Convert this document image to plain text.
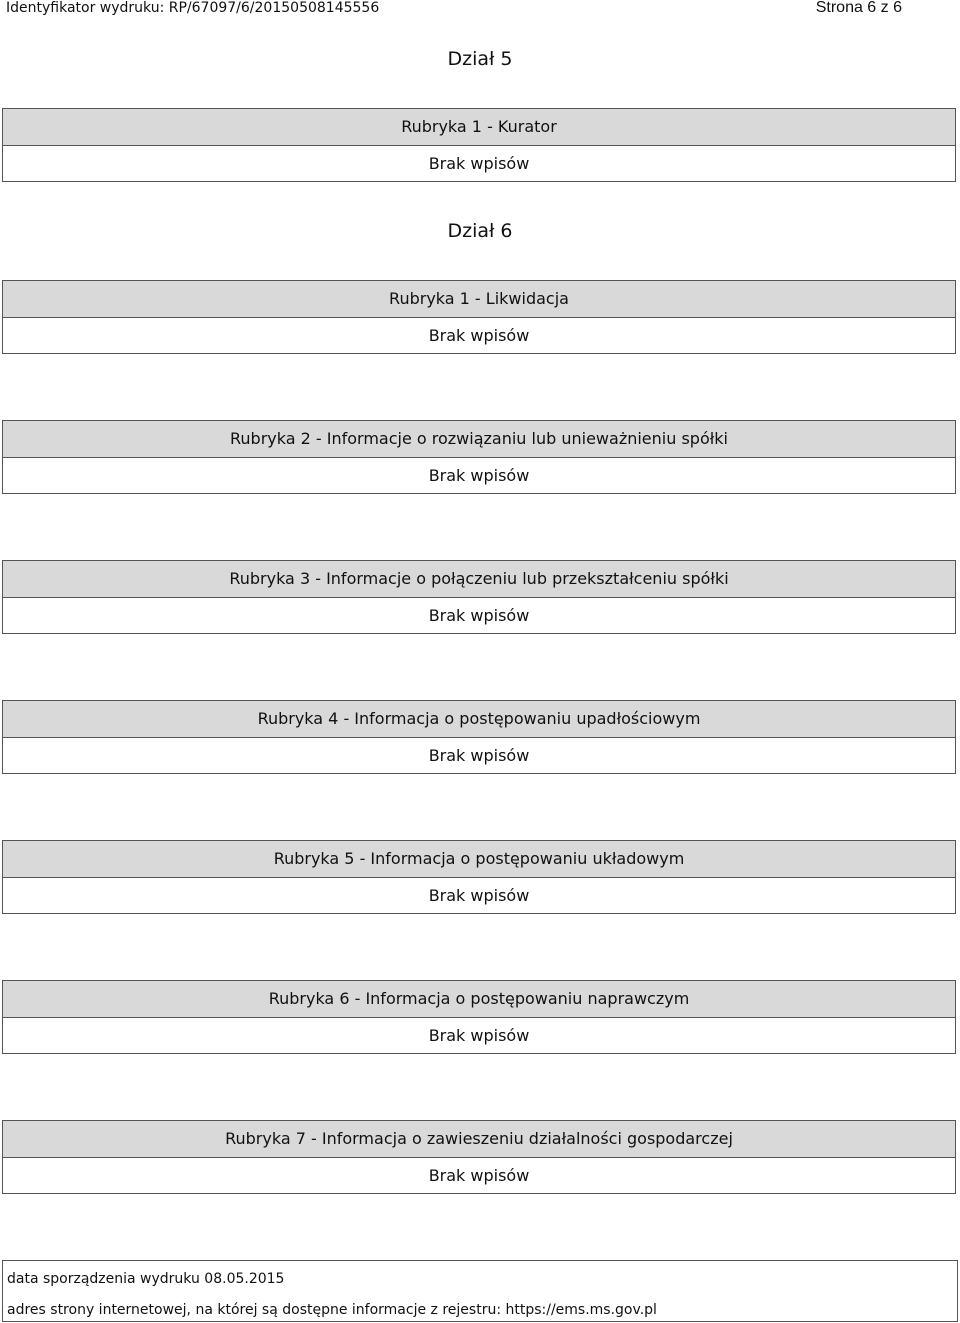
Identyfikator wydruku: RP/67097/6/20150508145556	Strona 6 z 6
Dział 5
Rubryka 1 - Kurator
Brak wpisów
Dział 6
Rubryka 1 - Likwidacja
Brak wpisów
Rubryka 2 - Informacje o rozwiązaniu lub unieważnieniu spółki
Brak wpisów
Rubryka 3 - Informacje o połączeniu lub przekształceniu spółki
Brak wpisów
Rubryka 4 - Informacja o postępowaniu upadłościowym
Brak wpisów
Rubryka 5 - Informacja o postępowaniu układowym
Brak wpisów
Rubryka 6 - Informacja o postępowaniu naprawczym
Brak wpisów
Rubryka 7 - Informacja o zawieszeniu działalności gospodarczej
Brak wpisów
data sporządzenia wydruku 08.05.2015
adres strony internetowej, na której są dostępne informacje z rejestru: https://ems.ms.gov.pl
